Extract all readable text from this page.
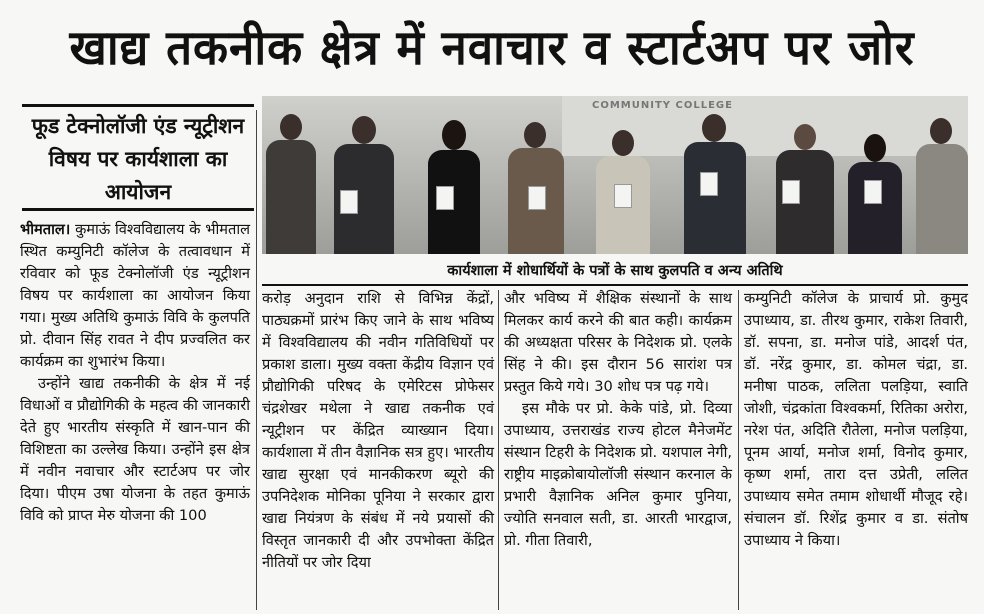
खाद्य तकनीक क्षेत्र में नवाचार व स्टार्टअप पर जोर
फूड टेक्नोलॉजी एंड न्यूट्रीशन विषय पर कार्यशाला का आयोजन
COMMUNITY COLLEGE
कार्यशाला में शोधार्थियों के पत्रों के साथ कुलपति व अन्य अतिथि

भीमताल। कुमाऊं विश्वविद्यालय के भीमताल स्थित कम्युनिटी कॉलेज के तत्वावधान में रविवार को फूड टेक्नोलॉजी एंड न्यूट्रीशन विषय पर कार्यशाला का आयोजन किया गया। मुख्य अतिथि कुमाऊं विवि के कुलपति प्रो. दीवान सिंह रावत ने दीप प्रज्वलित कर कार्यक्रम का शुभारंभ किया।

उन्होंने खाद्य तकनीकी के क्षेत्र में नई विधाओं व प्रौद्योगिकी के महत्व की जानकारी देते हुए भारतीय संस्कृति में खान-पान की विशिष्टता का उल्लेख किया। उन्होंने इस क्षेत्र में नवीन नवाचार और स्टार्टअप पर जोर दिया। पीएम उषा योजना के तहत कुमाऊं विवि को प्राप्त मेरु योजना की 100

करोड़ अनुदान राशि से विभिन्न केंद्रों, पाठ्यक्रमों प्रारंभ किए जाने के साथ भविष्य में विश्वविद्यालय की नवीन गतिविधियों पर प्रकाश डाला। मुख्य वक्ता केंद्रीय विज्ञान एवं प्रौद्योगिकी परिषद के एमेरिटस प्रोफेसर चंद्रशेखर मथेला ने खाद्य तकनीक एवं न्यूट्रीशन पर केंद्रित व्याख्यान दिया। कार्यशाला में तीन वैज्ञानिक सत्र हुए। भारतीय खाद्य सुरक्षा एवं मानकीकरण ब्यूरो की उपनिदेशक मोनिका पूनिया ने सरकार द्वारा खाद्य नियंत्रण के संबंध में नये प्रयासों की विस्तृत जानकारी दी और उपभोक्ता केंद्रित नीतियों पर जोर दिया

और भविष्य में शैक्षिक संस्थानों के साथ मिलकर कार्य करने की बात कही। कार्यक्रम की अध्यक्षता परिसर के निदेशक प्रो. एलके सिंह ने की। इस दौरान 56 सारांश पत्र प्रस्तुत किये गये। 30 शोध पत्र पढ़ गये।

इस मौके पर प्रो. केके पांडे, प्रो. दिव्या उपाध्याय, उत्तराखंड राज्य होटल मैनेजमेंट संस्थान टिहरी के निदेशक प्रो. यशपाल नेगी, राष्ट्रीय माइक्रोबायोलॉजी संस्थान करनाल के प्रभारी वैज्ञानिक अनिल कुमार पुनिया, ज्योति सनवाल सती, डा. आरती भारद्वाज, प्रो. गीता तिवारी,

कम्युनिटी कॉलेज के प्राचार्य प्रो. कुमुद उपाध्याय, डा. तीरथ कुमार, राकेश तिवारी, डॉ. सपना, डा. मनोज पांडे, आदर्श पंत, डॉ. नरेंद्र कुमार, डा. कोमल चंद्रा, डा. मनीषा पाठक, ललिता पलड़िया, स्वाति जोशी, चंद्रकांता विश्वकर्मा, रितिका अरोरा, नरेश पंत, अदिति रौतेला, मनोज पलड़िया, पूनम आर्या, मनोज शर्मा, विनोद कुमार, कृष्ण शर्मा, तारा दत्त उप्रेती, ललित उपाध्याय समेत तमाम शोधार्थी मौजूद रहे। संचालन डॉ. रिशेंद्र कुमार व डा. संतोष उपाध्याय ने किया।
